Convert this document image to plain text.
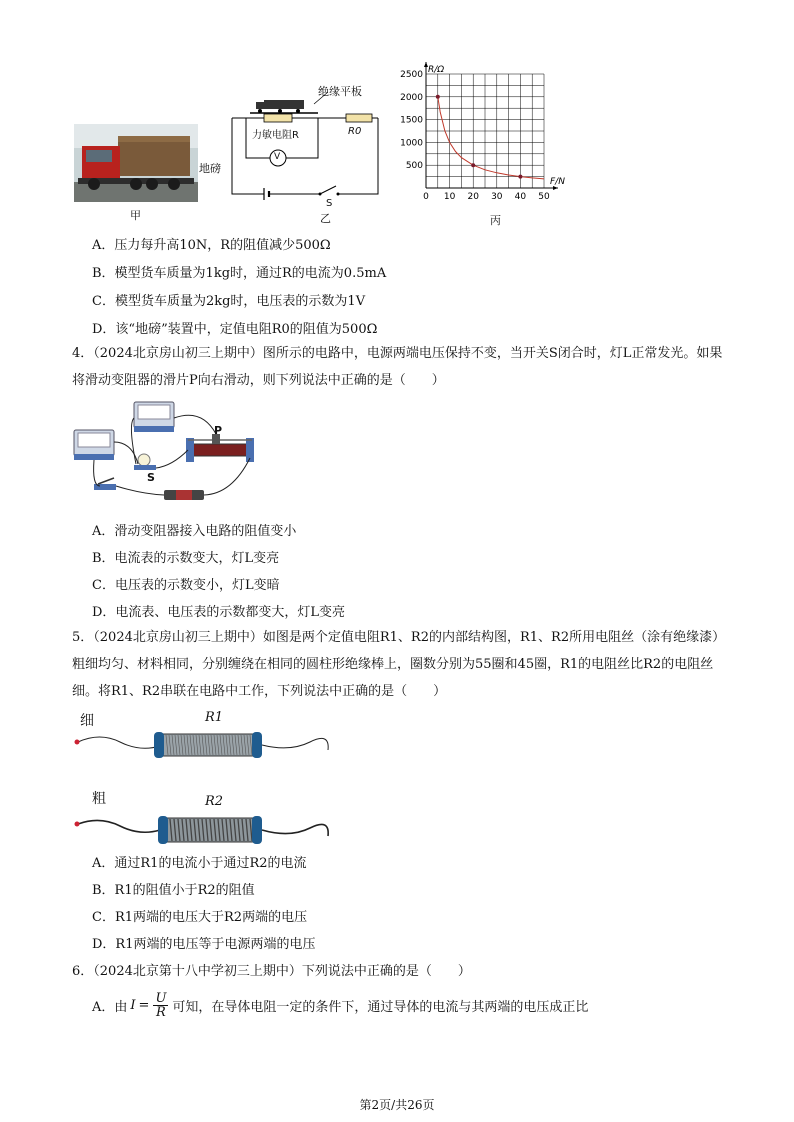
地磅
甲
绝缘平板
力敏电阻R	R0
V
S
乙
0 10 20 30 40 50
500
1000
1500
2000
2500 R/Ω
F/N
丙
A．压力每升高10N，R的阻值减少500Ω
B．模型货车质量为1kg时，通过R的电流为0.5mA
C．模型货车质量为2kg时，电压表的示数为1V
D．该“地磅”装置中，定值电阻R0的阻值为500Ω
4．（2024北京房山初三上期中）图所示的电路中，电源两端电压保持不变，当开关S闭合时，灯L正常发光。如果将滑动变阻器的滑片P向右滑动，则下列说法中正确的是（　　）
P
S
A．滑动变阻器接入电路的阻值变小
B．电流表的示数变大，灯L变亮
C．电压表的示数变小，灯L变暗
D．电流表、电压表的示数都变大，灯L变亮
5．（2024北京房山初三上期中）如图是两个定值电阻R1、R2的内部结构图，R1、R2所用电阻丝（涂有绝缘漆）粗细均匀、材料相同，分别缠绕在相同的圆柱形绝缘棒上，圈数分别为55圈和45圈，R1的电阻丝比R2的电阻丝细。将R1、R2串联在电路中工作，下列说法中正确的是（　　）
细	R1
粗	R2
A．通过R1的电流小于通过R2的电流
B．R1的阻值小于R2的阻值
C．R1两端的电压大于R2两端的电压
D．R1两端的电压等于电源两端的电压
6．（2024北京第十八中学初三上期中）下列说法中正确的是（　　）
A．由 $I = \frac{U}{R}$ 可知，在导体电阻一定的条件下，通过导体的电流与其两端的电压成正比
第2页/共26页
